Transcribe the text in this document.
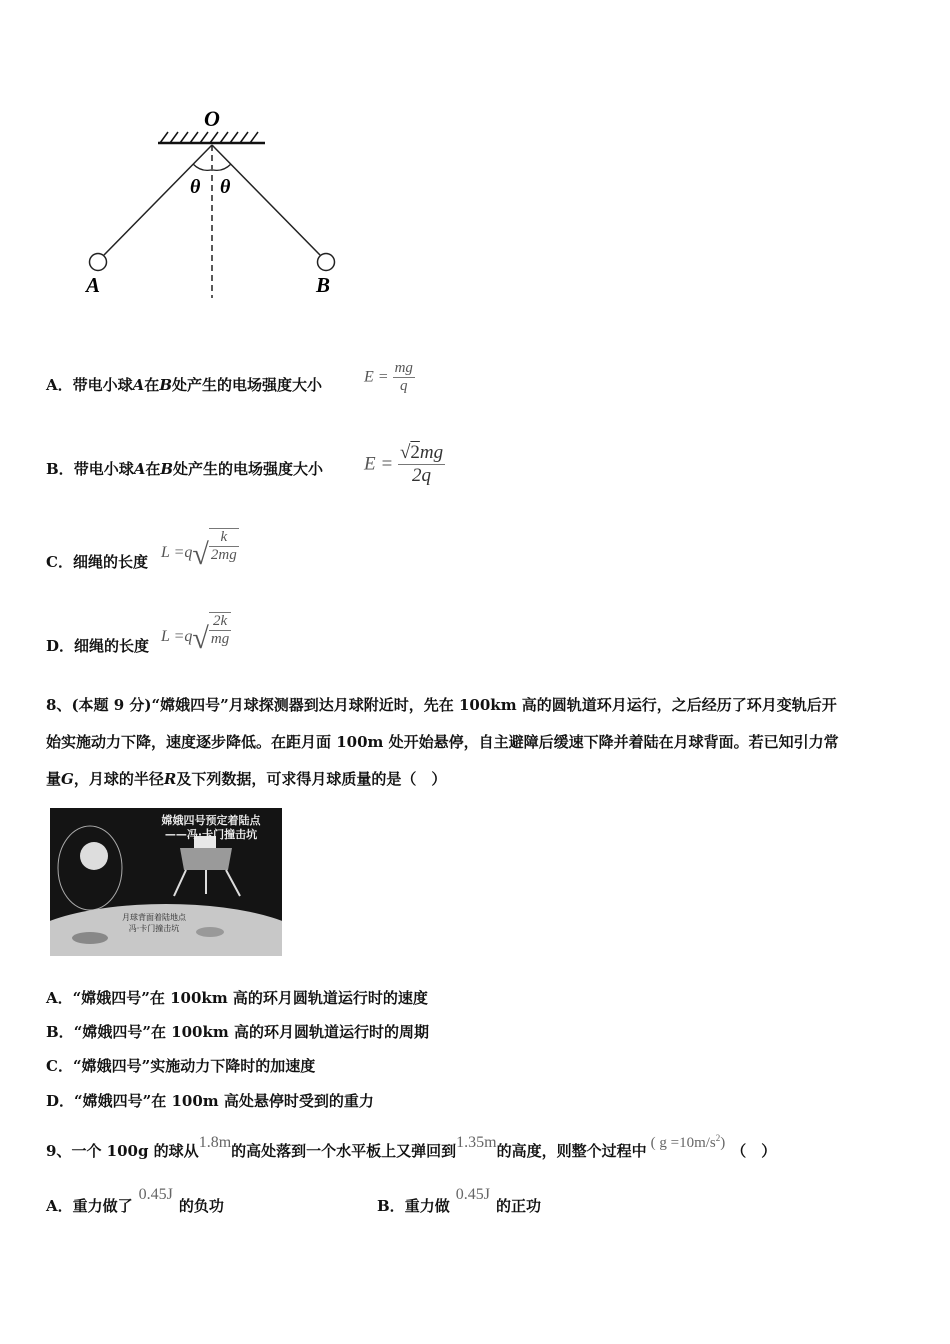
O
θ θ
A	B
A．带电小球A在B处产生的电场强度大小	$E = \frac{mg}{q}$
B．带电小球A在B处产生的电场强度大小 $E = \frac{√2mg}{2q}$
C．细绳的长度
$L =q√ \frac{k}{2mg}$
D．细绳的长度
$L =q√ \frac{2k}{mg}$
8、(本题 9 分)“嫦娥四号”月球探测器到达月球附近时，先在 100km 高的圆轨道环月运行，之后经历了环月变轨后开
始实施动力下降，速度逐步降低。在距月面 100m 处开始悬停，自主避障后缓速下降并着陆在月球背面。若已知引力常
量G，月球的半径R及下列数据，可求得月球质量的是（　）
嫦娥四号预定着陆点
——冯·卡门撞击坑
月球背面着陆地点
冯·卡门撞击坑
A．“嫦娥四号”在 100km 高的环月圆轨道运行时的速度
B．“嫦娥四号”在 100km 高的环月圆轨道运行时的周期
C．“嫦娥四号”实施动力下降时的加速度
D．“嫦娥四号”在 100m 高处悬停时受到的重力
9、一个 100g 的球从1.8m的高处落到一个水平板上又弹回到1.35m的高度，则整个过程中 ( $g =10m/s^2$) （　）
A．重力做了0.45J的负功	B．重力做0.45J的正功
